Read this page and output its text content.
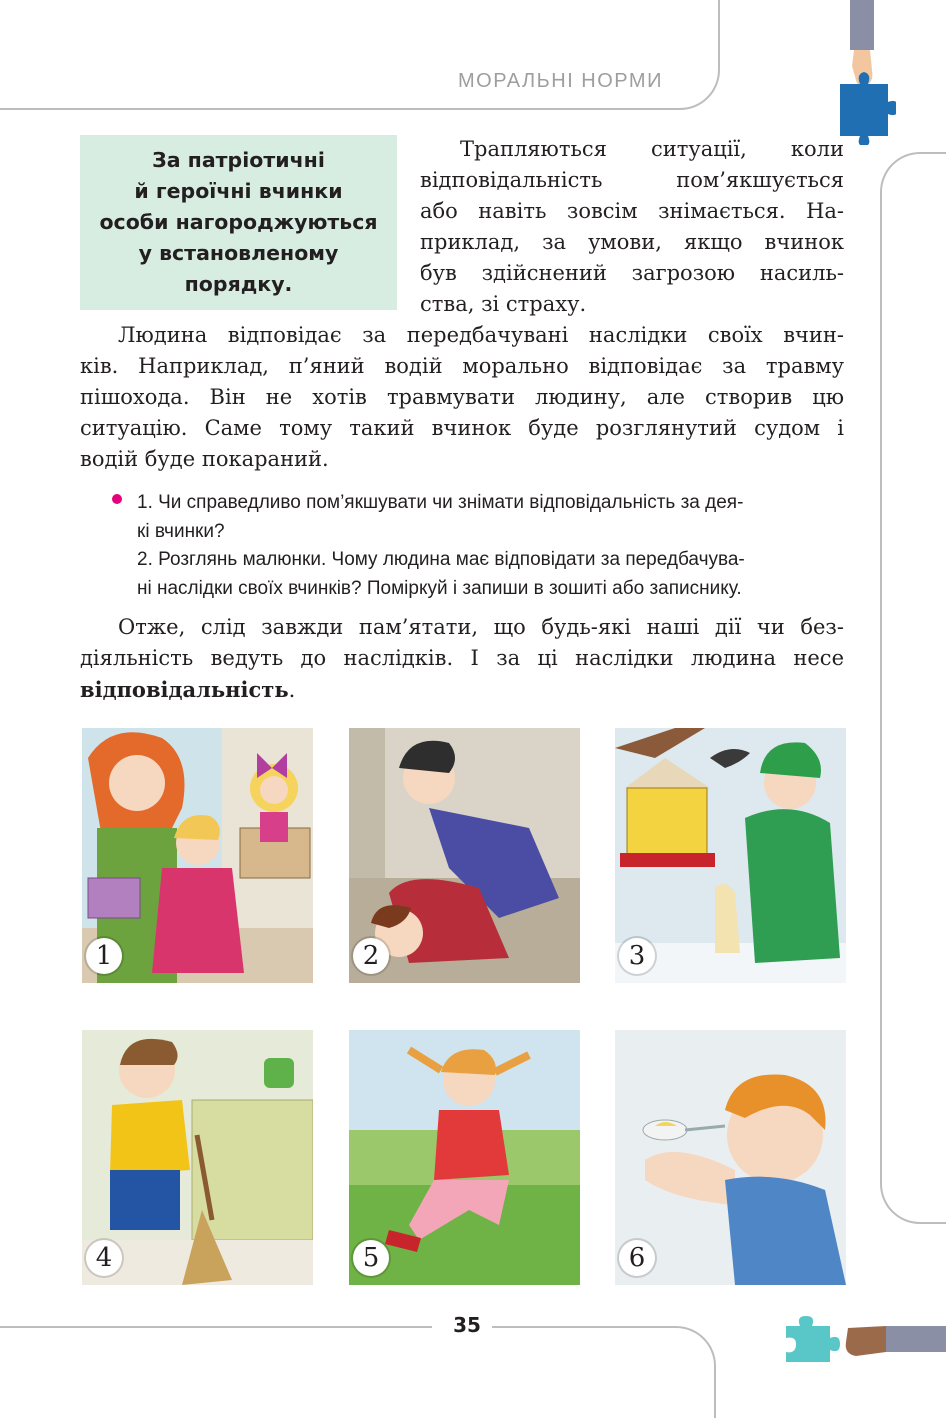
МОРАЛЬНІ НОРМИ
За патріотичні
й героїчні вчинки
особи нагороджуються
у встановленому
порядку.
Трапляються ситуації, коли
відповідальність пом’якшується
або навіть зовсім знімається. На-
приклад, за умови, якщо вчинок
був здійснений загрозою насиль-
ства, зі страху.
Людина відповідає за передбачувані наслідки своїх вчин-
ків. Наприклад, п’яний водій морально відповідає за травму
пішохода. Він не хотів травмувати людину, але створив цю
ситуацію. Саме тому такий вчинок буде розглянутий судом і
водій буде покараний.
1. Чи справедливо пом’якшувати чи знімати відповідальність за дея-
кі вчинки?
2. Розглянь малюнки. Чому людина має відповідати за передбачува-
ні наслідки своїх вчинків? Поміркуй і запиши в зошиті або записнику.
Отже, слід завжди пам’ятати, що будь-які наші дії чи без-
діяльність ведуть до наслідків. І за ці наслідки людина несе
відповідальність.
1	2	3
4	5	6
35
